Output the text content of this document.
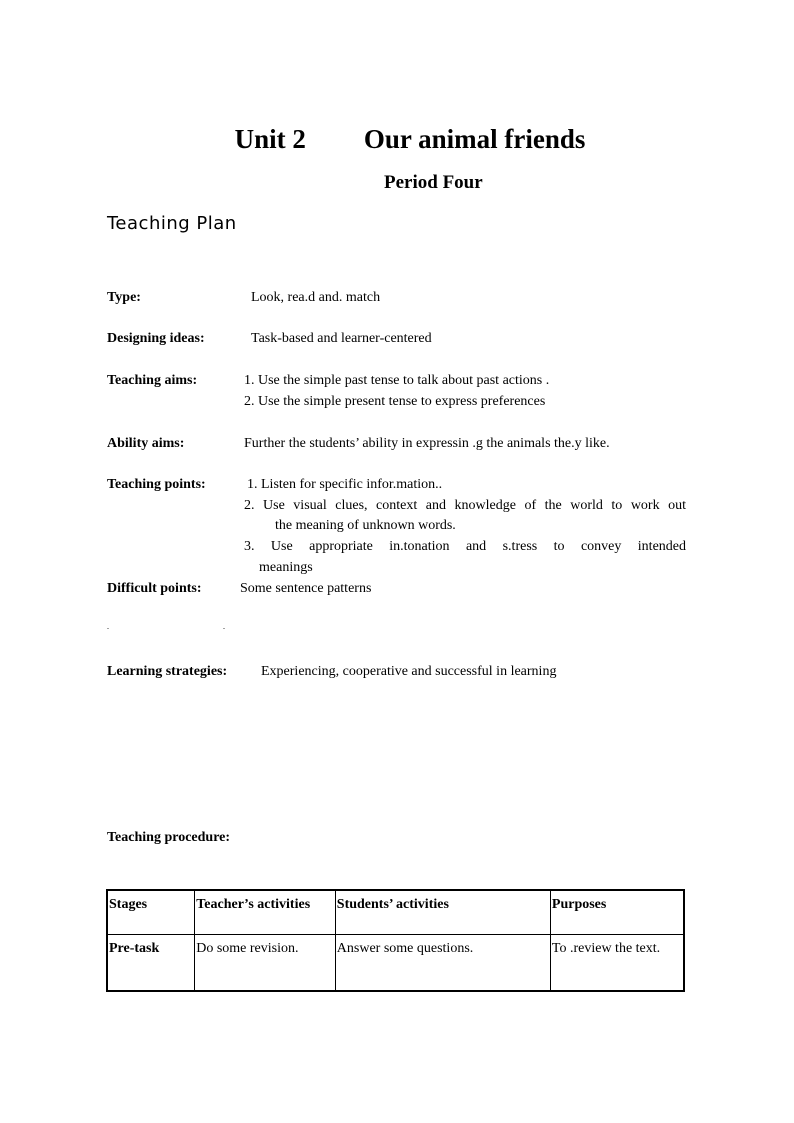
Unit 2 Our animal friends
Period Four
Teaching Plan
Type:	Look, rea.d and. match
Designing ideas:	Task-based and learner-centered
Teaching aims:	1. Use the simple past tense to talk about past actions .
2. Use the simple present tense to express preferences
Ability aims:	Further the students’ ability in expressin .g the animals the.y like.
Teaching points:	1. Listen for specific infor.mation..
2. Use visual clues, context and knowledge of the world to work out
the meaning of unknown words.
3. Use appropriate in.tonation and s.tress to convey intended
meanings
Difficult points:	Some sentence patterns
.	.
Learning strategies: Experiencing, cooperative and successful in learning
Teaching procedure:
Stages	Teacher’s activities	Students’ activities	Purposes
Pre-task	Do some revision.	Answer some questions.	To .review the text.
